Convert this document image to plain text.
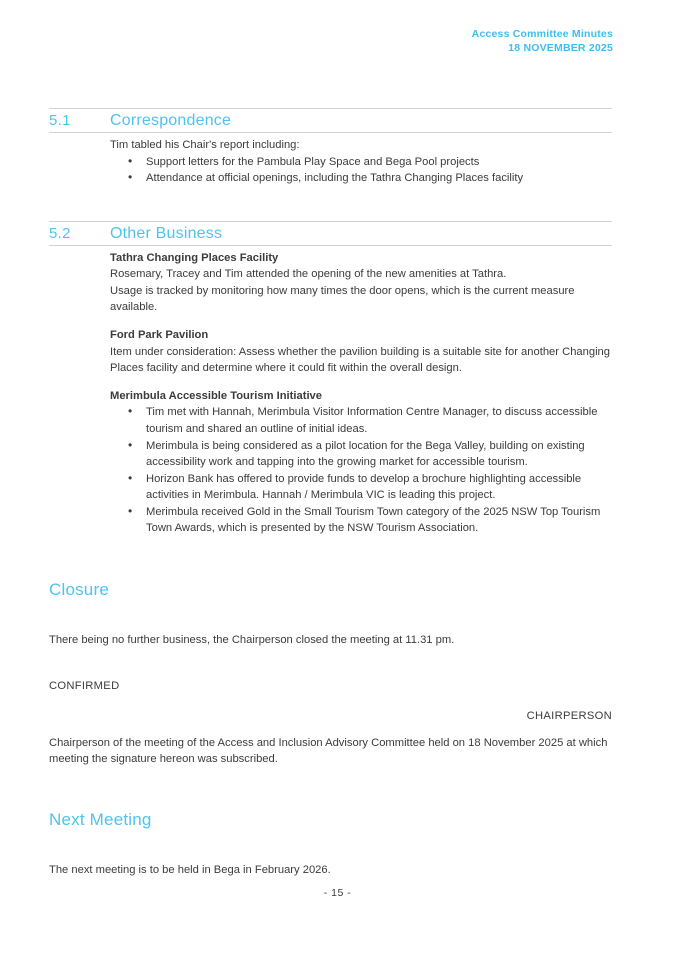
Access Committee Minutes
18 NOVEMBER 2025
5.1	Correspondence

Tim tabled his Chair's report including:

• Support letters for the Pambula Play Space and Bega Pool projects
• Attendance at official openings, including the Tathra Changing Places facility
5.2	Other Business

Tathra Changing Places Facility

Rosemary, Tracey and Tim attended the opening of the new amenities at Tathra.

Usage is tracked by monitoring how many times the door opens, which is the current measure available.

Ford Park Pavilion

Item under consideration: Assess whether the pavilion building is a suitable site for another Changing Places facility and determine where it could fit within the overall design.

Merimbula Accessible Tourism Initiative

• Tim met with Hannah, Merimbula Visitor Information Centre Manager, to discuss accessible tourism and shared an outline of initial ideas.
• Merimbula is being considered as a pilot location for the Bega Valley, building on existing accessibility work and tapping into the growing market for accessible tourism.
• Horizon Bank has offered to provide funds to develop a brochure highlighting accessible activities in Merimbula. Hannah / Merimbula VIC is leading this project.
• Merimbula received Gold in the Small Tourism Town category of the 2025 NSW Top Tourism Town Awards, which is presented by the NSW Tourism Association.
Closure

There being no further business, the Chairperson closed the meeting at 11.31 pm.

CONFIRMED

CHAIRPERSON

Chairperson of the meeting of the Access and Inclusion Advisory Committee held on 18 November 2025 at which meeting the signature hereon was subscribed.

Next Meeting

The next meeting is to be held in Bega in February 2026.

- 15 -
